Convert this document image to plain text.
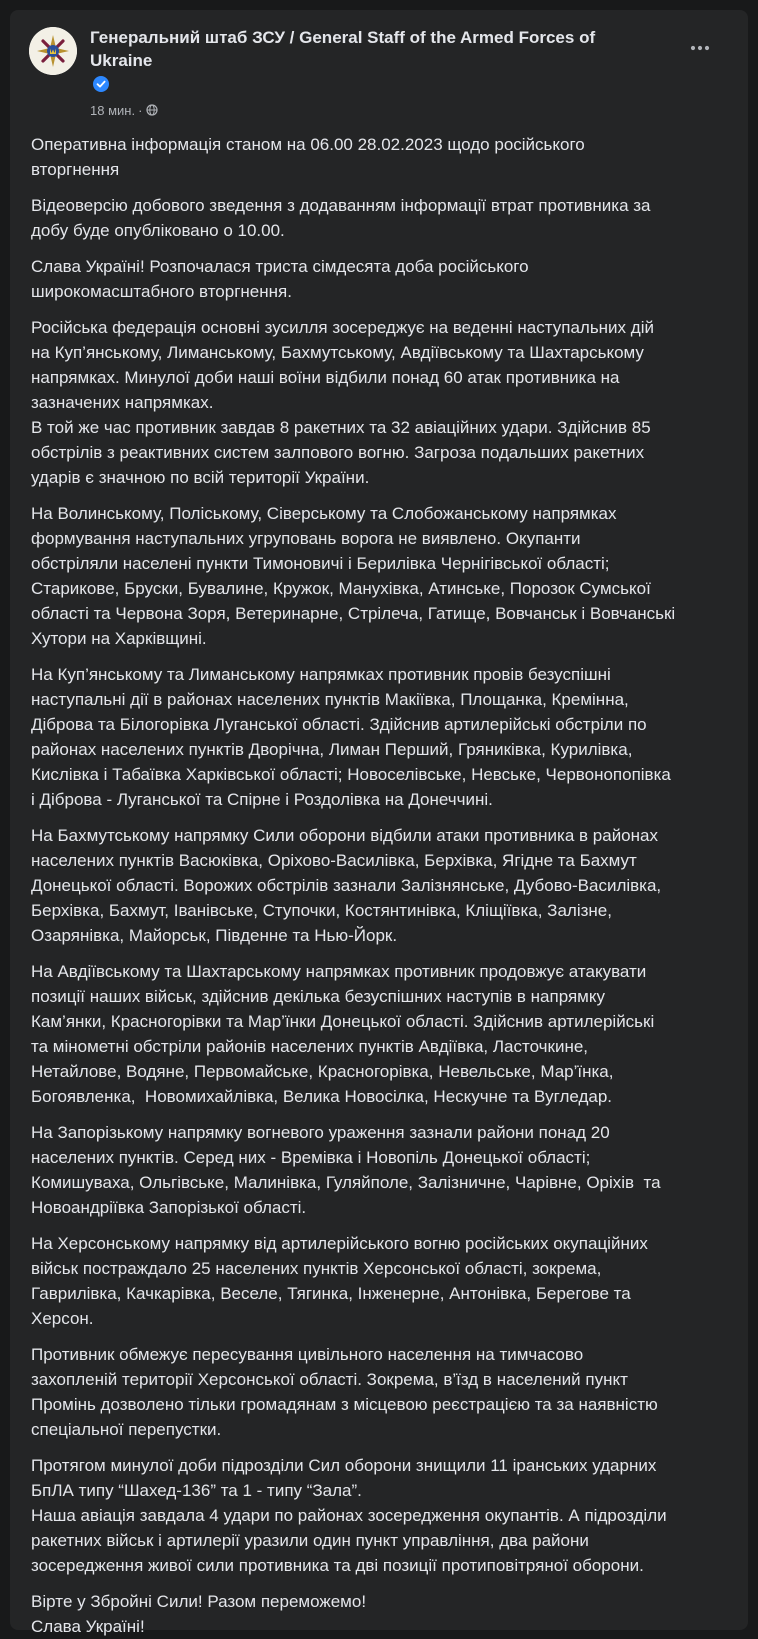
Генеральний штаб ЗСУ / General Staff of the Armed Forces of Ukraine
18 мин. ·

Оперативна інформація станом на 06.00 28.02.2023 щодо російського
вторгнення

Відеоверсію добового зведення з додаванням інформації втрат противника за
добу буде опубліковано о 10.00.

Слава Україні! Розпочалася триста сімдесята доба російського
широкомасштабного вторгнення.

Російська федерація основні зусилля зосереджує на веденні наступальних дій
на Куп’янському, Лиманському, Бахмутському, Авдіївському та Шахтарському
напрямках. Минулої доби наші воїни відбили понад 60 атак противника на
зазначених напрямках.
В той же час противник завдав 8 ракетних та 32 авіаційних удари. Здійснив 85
обстрілів з реактивних систем залпового вогню. Загроза подальших ракетних
ударів є значною по всій території України.

На Волинському, Поліському, Сіверському та Слобожанському напрямках
формування наступальних угруповань ворога не виявлено. Окупанти
обстріляли населені пункти Тимоновичі і Берилівка Чернігівської області;
Старикове, Бруски, Бувалине, Кружок, Манухівка, Атинське, Порозок Сумської
області та Червона Зоря, Ветеринарне, Стрілеча, Гатище, Вовчанськ і Вовчанські
Хутори на Харківщині.

На Куп’янському та Лиманському напрямках противник провів безуспішні
наступальні дії в районах населених пунктів Макіївка, Площанка, Кремінна,
Діброва та Білогорівка Луганської області. Здійснив артилерійські обстріли по
районах населених пунктів Дворічна, Лиман Перший, Гряниківка, Курилівка,
Кислівка і Табаївка Харківської області; Новоселівське, Невське, Червонопопівка
і Діброва - Луганської та Спірне і Роздолівка на Донеччині.

На Бахмутському напрямку Сили оборони відбили атаки противника в районах
населених пунктів Васюківка, Оріхово-Василівка, Берхівка, Ягідне та Бахмут
Донецької області. Ворожих обстрілів зазнали Залізнянське, Дубово-Василівка,
Берхівка, Бахмут, Іванівське, Ступочки, Костянтинівка, Кліщіївка, Залізне,
Озарянівка, Майорськ, Південне та Нью-Йорк.

На Авдіївському та Шахтарському напрямках противник продовжує атакувати
позиції наших військ, здійснив декілька безуспішних наступів в напрямку
Кам’янки, Красногорівки та Мар’їнки Донецької області. Здійснив артилерійські
та мінометні обстріли районів населених пунктів Авдіївка, Ласточкине,
Нетайлове, Водяне, Первомайське, Красногорівка, Невельське, Мар’їнка,
Богоявленка,  Новомихайлівка, Велика Новосілка, Нескучне та Вугледар.

На Запорізькому напрямку вогневого ураження зазнали райони понад 20
населених пунктів. Серед них - Времівка і Новопіль Донецької області;
Комишуваха, Ольгівське, Малинівка, Гуляйполе, Залізничне, Чарівне, Оріхів  та
Новоандріївка Запорізької області.

На Херсонському напрямку від артилерійського вогню російських окупаційних
військ постраждало 25 населених пунктів Херсонської області, зокрема,
Гаврилівка, Качкарівка, Веселе, Тягинка, Інженерне, Антонівка, Берегове та
Херсон.

Противник обмежує пересування цивільного населення на тимчасово
захопленій території Херсонської області. Зокрема, в’їзд в населений пункт
Промінь дозволено тільки громадянам з місцевою реєстрацією та за наявністю
спеціальної перепустки.

Протягом минулої доби підрозділи Сил оборони знищили 11 іранських ударних
БпЛА типу “Шахед-136” та 1 - типу “Зала”.
Наша авіація завдала 4 удари по районах зосередження окупантів. А підрозділи
ракетних військ і артилерії уразили один пункт управління, два райони
зосередження живої сили противника та дві позиції протиповітряної оборони.

Віртe у Збройні Сили! Разом переможемо!
Слава Україні!
